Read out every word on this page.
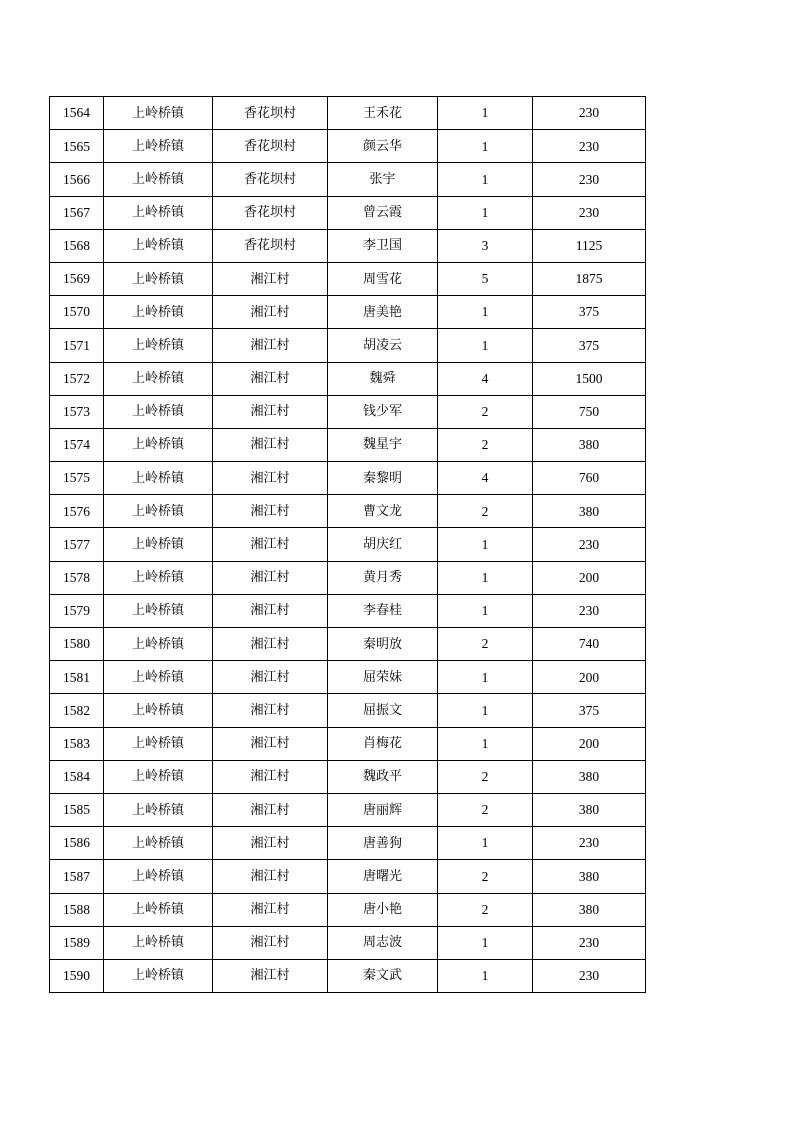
1564	上岭桥镇	香花坝村	王禾花	1	230
1565	上岭桥镇	香花坝村	颜云华	1	230
1566	上岭桥镇	香花坝村	张宇	1	230
1567	上岭桥镇	香花坝村	曾云霞	1	230
1568	上岭桥镇	香花坝村	李卫国	3	1125
1569	上岭桥镇	湘江村	周雪花	5	1875
1570	上岭桥镇	湘江村	唐美艳	1	375
1571	上岭桥镇	湘江村	胡凌云	1	375
1572	上岭桥镇	湘江村	魏舜	4	1500
1573	上岭桥镇	湘江村	钱少军	2	750
1574	上岭桥镇	湘江村	魏星宇	2	380
1575	上岭桥镇	湘江村	秦黎明	4	760
1576	上岭桥镇	湘江村	曹文龙	2	380
1577	上岭桥镇	湘江村	胡庆红	1	230
1578	上岭桥镇	湘江村	黄月秀	1	200
1579	上岭桥镇	湘江村	李春桂	1	230
1580	上岭桥镇	湘江村	秦明放	2	740
1581	上岭桥镇	湘江村	屈荣妹	1	200
1582	上岭桥镇	湘江村	屈振文	1	375
1583	上岭桥镇	湘江村	肖梅花	1	200
1584	上岭桥镇	湘江村	魏政平	2	380
1585	上岭桥镇	湘江村	唐丽辉	2	380
1586	上岭桥镇	湘江村	唐善狗	1	230
1587	上岭桥镇	湘江村	唐曙光	2	380
1588	上岭桥镇	湘江村	唐小艳	2	380
1589	上岭桥镇	湘江村	周志波	1	230
1590	上岭桥镇	湘江村	秦文武	1	230
